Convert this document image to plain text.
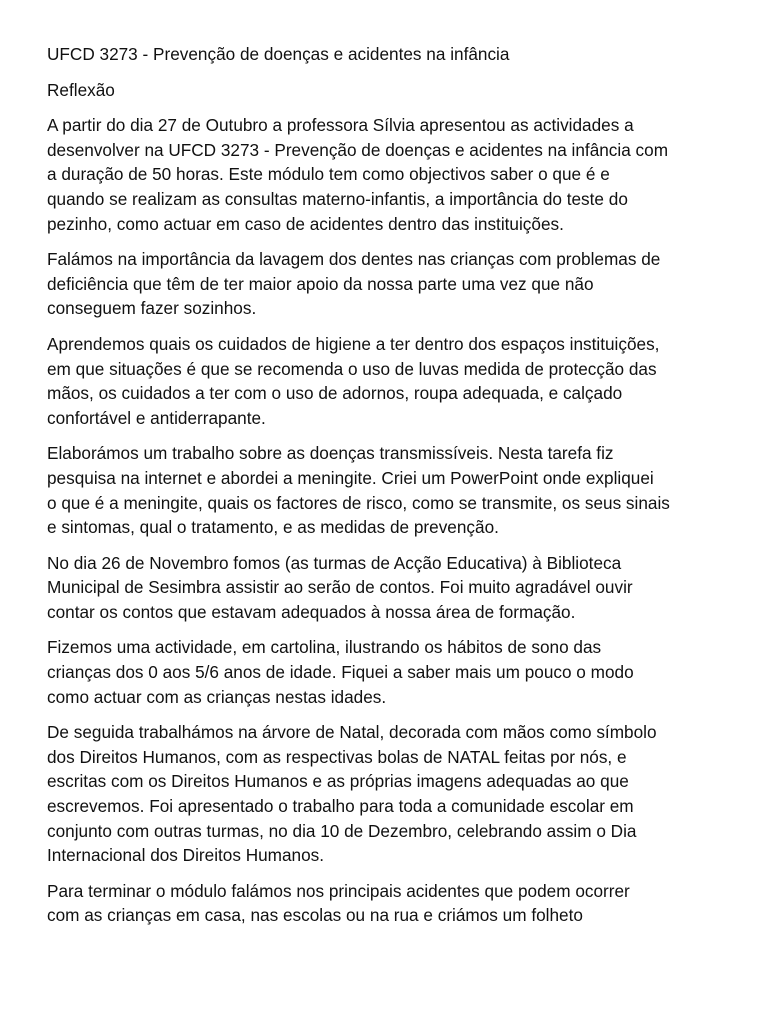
UFCD 3273 - Prevenção de doenças e acidentes na infância

Reflexão

A partir do dia 27 de Outubro a professora Sílvia apresentou as actividades a
desenvolver na UFCD 3273 - Prevenção de doenças e acidentes na infância com
a duração de 50 horas. Este módulo tem como objectivos saber o que é e
quando se realizam as consultas materno-infantis, a importância do teste do
pezinho, como actuar em caso de acidentes dentro das instituições.

Falámos na importância da lavagem dos dentes nas crianças com problemas de
deficiência que têm de ter maior apoio da nossa parte uma vez que não
conseguem fazer sozinhos.

Aprendemos quais os cuidados de higiene a ter dentro dos espaços instituições,
em que situações é que se recomenda o uso de luvas medida de protecção das
mãos, os cuidados a ter com o uso de adornos, roupa adequada, e calçado
confortável e antiderrapante.

Elaborámos um trabalho sobre as doenças transmissíveis. Nesta tarefa fiz
pesquisa na internet e abordei a meningite. Criei um PowerPoint onde expliquei
o que é a meningite, quais os factores de risco, como se transmite, os seus sinais
e sintomas, qual o tratamento, e as medidas de prevenção.

No dia 26 de Novembro fomos (as turmas de Acção Educativa) à Biblioteca
Municipal de Sesimbra assistir ao serão de contos. Foi muito agradável ouvir
contar os contos que estavam adequados à nossa área de formação.

Fizemos uma actividade, em cartolina, ilustrando os hábitos de sono das
crianças dos 0 aos 5/6 anos de idade. Fiquei a saber mais um pouco o modo
como actuar com as crianças nestas idades.

De seguida trabalhámos na árvore de Natal, decorada com mãos como símbolo
dos Direitos Humanos, com as respectivas bolas de NATAL feitas por nós, e
escritas com os Direitos Humanos e as próprias imagens adequadas ao que
escrevemos. Foi apresentado o trabalho para toda a comunidade escolar em
conjunto com outras turmas, no dia 10 de Dezembro, celebrando assim o Dia
Internacional dos Direitos Humanos.

Para terminar o módulo falámos nos principais acidentes que podem ocorrer
com as crianças em casa, nas escolas ou na rua e criámos um folheto
